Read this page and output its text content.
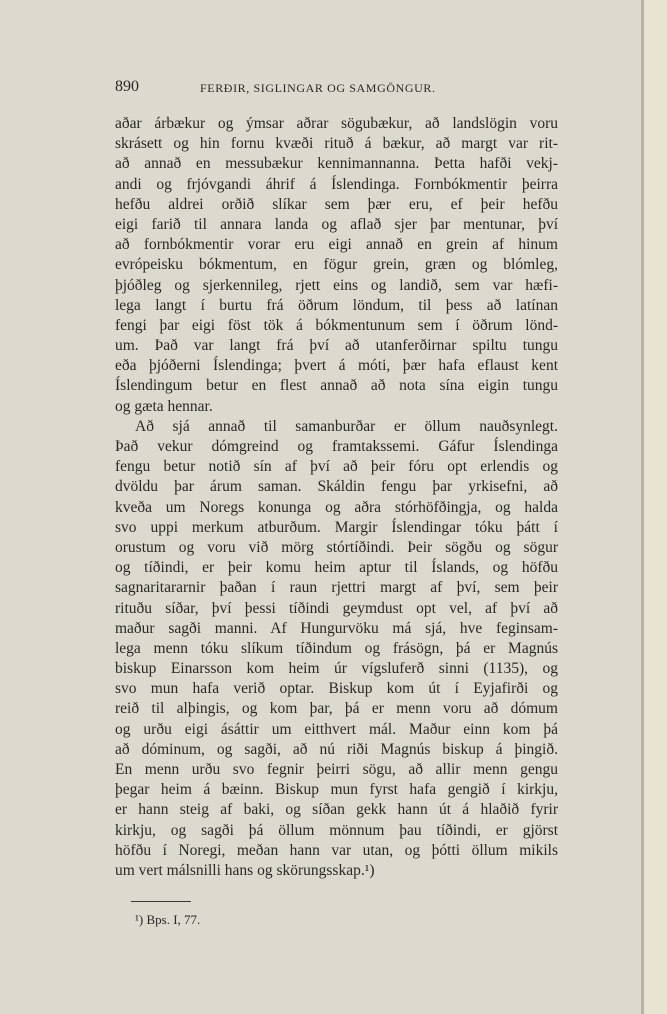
890	FERÐIR, SIGLINGAR OG SAMGÖNGUR.
aðar árbækur og ýmsar aðrar sögubækur, að landslögin voru
skrásett og hin fornu kvæði rituð á bækur, að margt var rit-
að annað en messubækur kennimannanna. Þetta hafði vekj-
andi og frjóvgandi áhrif á Íslendinga. Fornbókmentir þeirra
hefðu aldrei orðið slíkar sem þær eru, ef þeir hefðu
eigi farið til annara landa og aflað sjer þar mentunar, því
að fornbókmentir vorar eru eigi annað en grein af hinum
evrópeisku bókmentum, en fögur grein, græn og blómleg,
þjóðleg og sjerkennileg, rjett eins og landið, sem var hæfi-
lega langt í burtu frá öðrum löndum, til þess að latínan
fengi þar eigi föst tök á bókmentunum sem í öðrum lönd-
um. Það var langt frá því að utanferðirnar spiltu tungu
eða þjóðerni Íslendinga; þvert á móti, þær hafa eflaust kent
Íslendingum betur en flest annað að nota sína eigin tungu
og gæta hennar.
Að sjá annað til samanburðar er öllum nauðsynlegt.
Það vekur dómgreind og framtakssemi. Gáfur Íslendinga
fengu betur notið sín af því að þeir fóru opt erlendis og
dvöldu þar árum saman. Skáldin fengu þar yrkisefni, að
kveða um Noregs konunga og aðra stórhöfðingja, og halda
svo uppi merkum atburðum. Margir Íslendingar tóku þátt í
orustum og voru við mörg stórtíðindi. Þeir sögðu og sögur
og tíðindi, er þeir komu heim aptur til Íslands, og höfðu
sagnaritararnir þaðan í raun rjettri margt af því, sem þeir
rituðu síðar, því þessi tíðindi geymdust opt vel, af því að
maður sagði manni. Af Hungurvöku má sjá, hve feginsam-
lega menn tóku slíkum tíðindum og frásögn, þá er Magnús
biskup Einarsson kom heim úr vígsluferð sinni (1135), og
svo mun hafa verið optar. Biskup kom út í Eyjafirði og
reið til alþingis, og kom þar, þá er menn voru að dómum
og urðu eigi ásáttir um eitthvert mál. Maður einn kom þá
að dóminum, og sagði, að nú riði Magnús biskup á þingið.
En menn urðu svo fegnir þeirri sögu, að allir menn gengu
þegar heim á bæinn. Biskup mun fyrst hafa gengið í kirkju,
er hann steig af baki, og síðan gekk hann út á hlaðið fyrir
kirkju, og sagði þá öllum mönnum þau tíðindi, er gjörst
höfðu í Noregi, meðan hann var utan, og þótti öllum mikils
um vert málsnilli hans og skörungsskap.¹)
¹) Bps. I, 77.
